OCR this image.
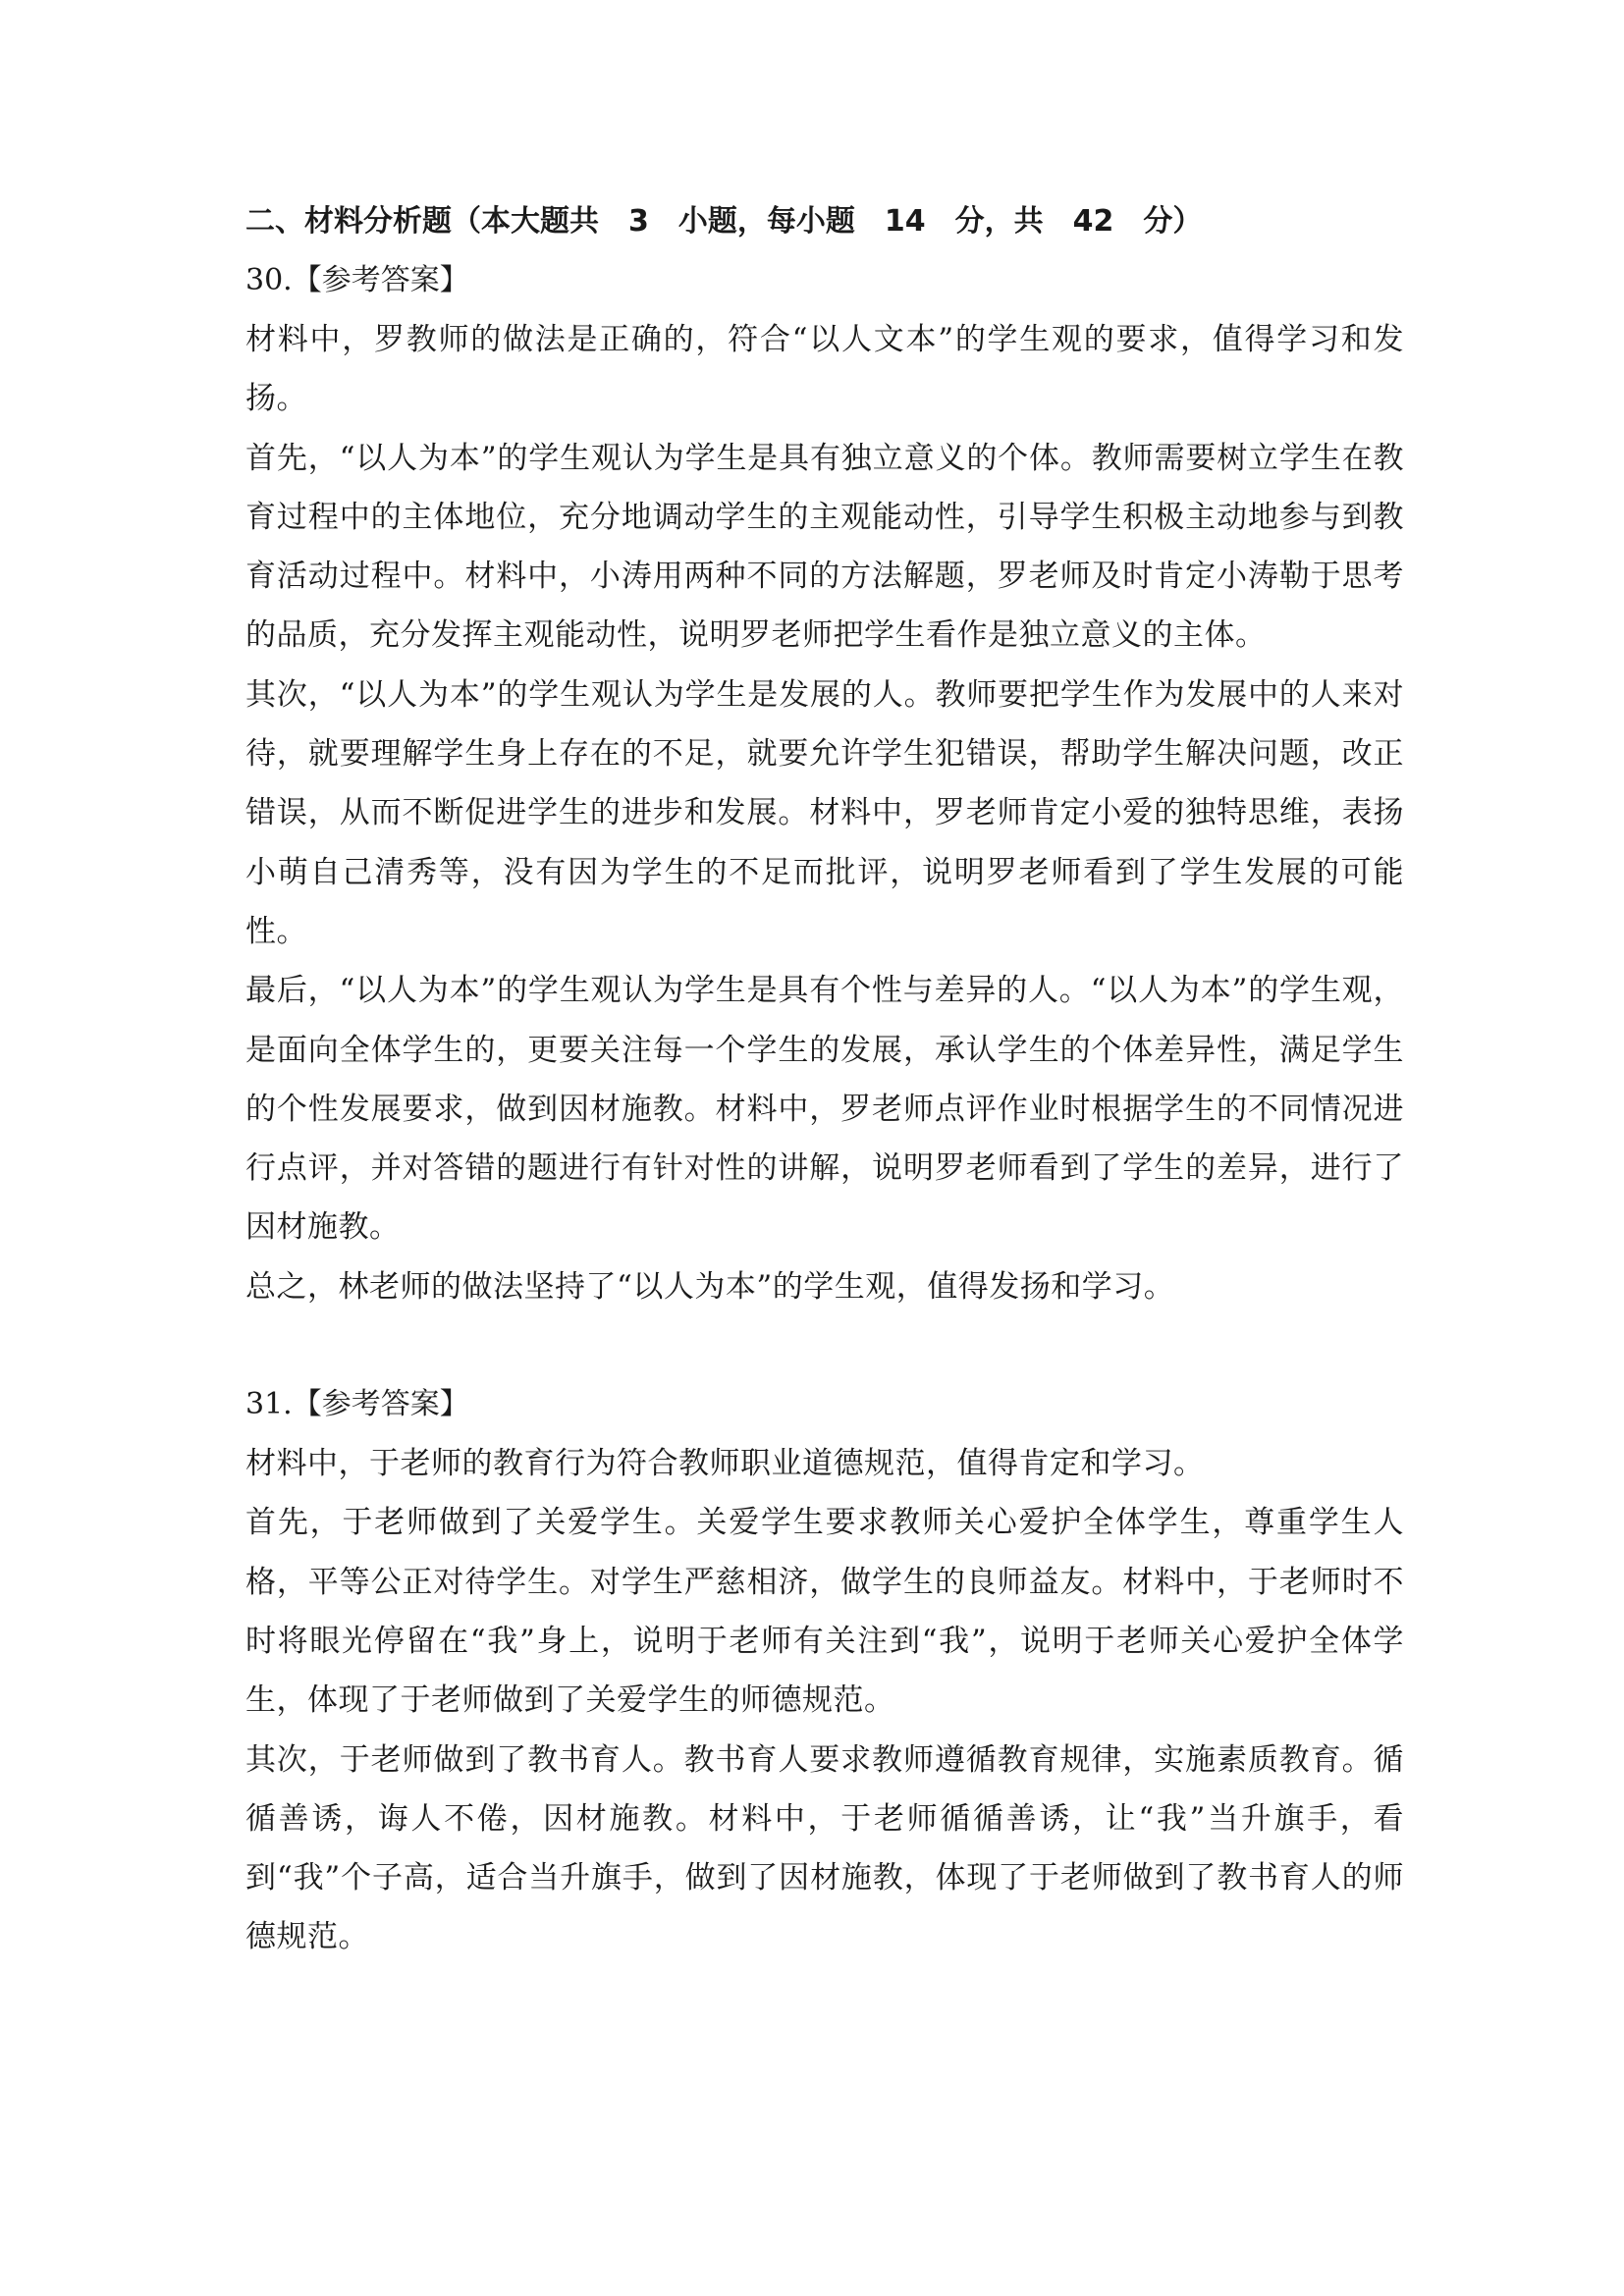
二、材料分析题（本大题共　3　小题，每小题　14　分，共　42　分）
30.【参考答案】

材料中，罗教师的做法是正确的，符合“以人文本”的学生观的要求，值得学习和发扬。

首先，“以人为本”的学生观认为学生是具有独立意义的个体。教师需要树立学生在教育过程中的主体地位，充分地调动学生的主观能动性，引导学生积极主动地参与到教育活动过程中。材料中，小涛用两种不同的方法解题，罗老师及时肯定小涛勒于思考的品质，充分发挥主观能动性，说明罗老师把学生看作是独立意义的主体。

其次，“以人为本”的学生观认为学生是发展的人。教师要把学生作为发展中的人来对待，就要理解学生身上存在的不足，就要允许学生犯错误，帮助学生解决问题，改正错误，从而不断促进学生的进步和发展。材料中，罗老师肯定小爱的独特思维，表扬小萌自己清秀等，没有因为学生的不足而批评，说明罗老师看到了学生发展的可能性。

最后，“以人为本”的学生观认为学生是具有个性与差异的人。“以人为本”的学生观，是面向全体学生的，更要关注每一个学生的发展，承认学生的个体差异性，满足学生的个性发展要求，做到因材施教。材料中，罗老师点评作业时根据学生的不同情况进行点评，并对答错的题进行有针对性的讲解，说明罗老师看到了学生的差异，进行了因材施教。

总之，林老师的做法坚持了“以人为本”的学生观，值得发扬和学习。

31.【参考答案】

材料中，于老师的教育行为符合教师职业道德规范，值得肯定和学习。

首先，于老师做到了关爱学生。关爱学生要求教师关心爱护全体学生，尊重学生人格，平等公正对待学生。对学生严慈相济，做学生的良师益友。材料中，于老师时不时将眼光停留在“我”身上，说明于老师有关注到“我”，说明于老师关心爱护全体学生，体现了于老师做到了关爱学生的师德规范。

其次，于老师做到了教书育人。教书育人要求教师遵循教育规律，实施素质教育。循循善诱，诲人不倦，因材施教。材料中，于老师循循善诱，让“我”当升旗手，看到“我”个子高，适合当升旗手，做到了因材施教，体现了于老师做到了教书育人的师德规范。
